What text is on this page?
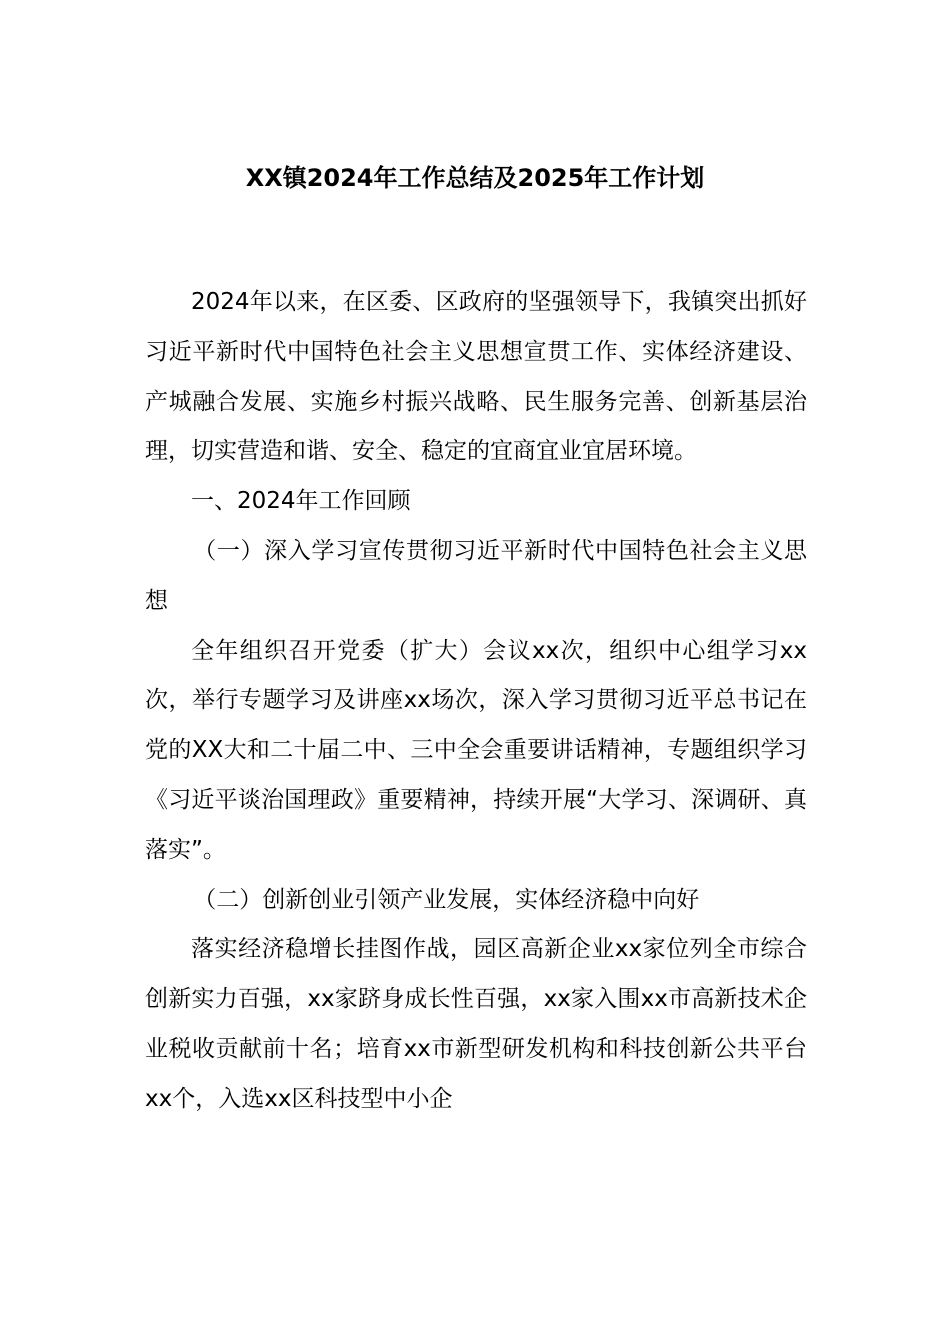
XX镇2024年工作总结及2025年工作计划

2024年以来，在区委、区政府的坚强领导下，我镇突出抓好习近平新时代中国特色社会主义思想宣贯工作、实体经济建设、产城融合发展、实施乡村振兴战略、民生服务完善、创新基层治理，切实营造和谐、安全、稳定的宜商宜业宜居环境。

一、2024年工作回顾

（一）深入学习宣传贯彻习近平新时代中国特色社会主义思想

全年组织召开党委（扩大）会议xx次，组织中心组学习xx次，举行专题学习及讲座xx场次，深入学习贯彻习近平总书记在党的XX大和二十届二中、三中全会重要讲话精神，专题组织学习《习近平谈治国理政》重要精神，持续开展“大学习、深调研、真落实”。

（二）创新创业引领产业发展，实体经济稳中向好

落实经济稳增长挂图作战，园区高新企业xx家位列全市综合创新实力百强，xx家跻身成长性百强，xx家入围xx市高新技术企业税收贡献前十名；培育xx市新型研发机构和科技创新公共平台xx个，入选xx区科技型中小企
